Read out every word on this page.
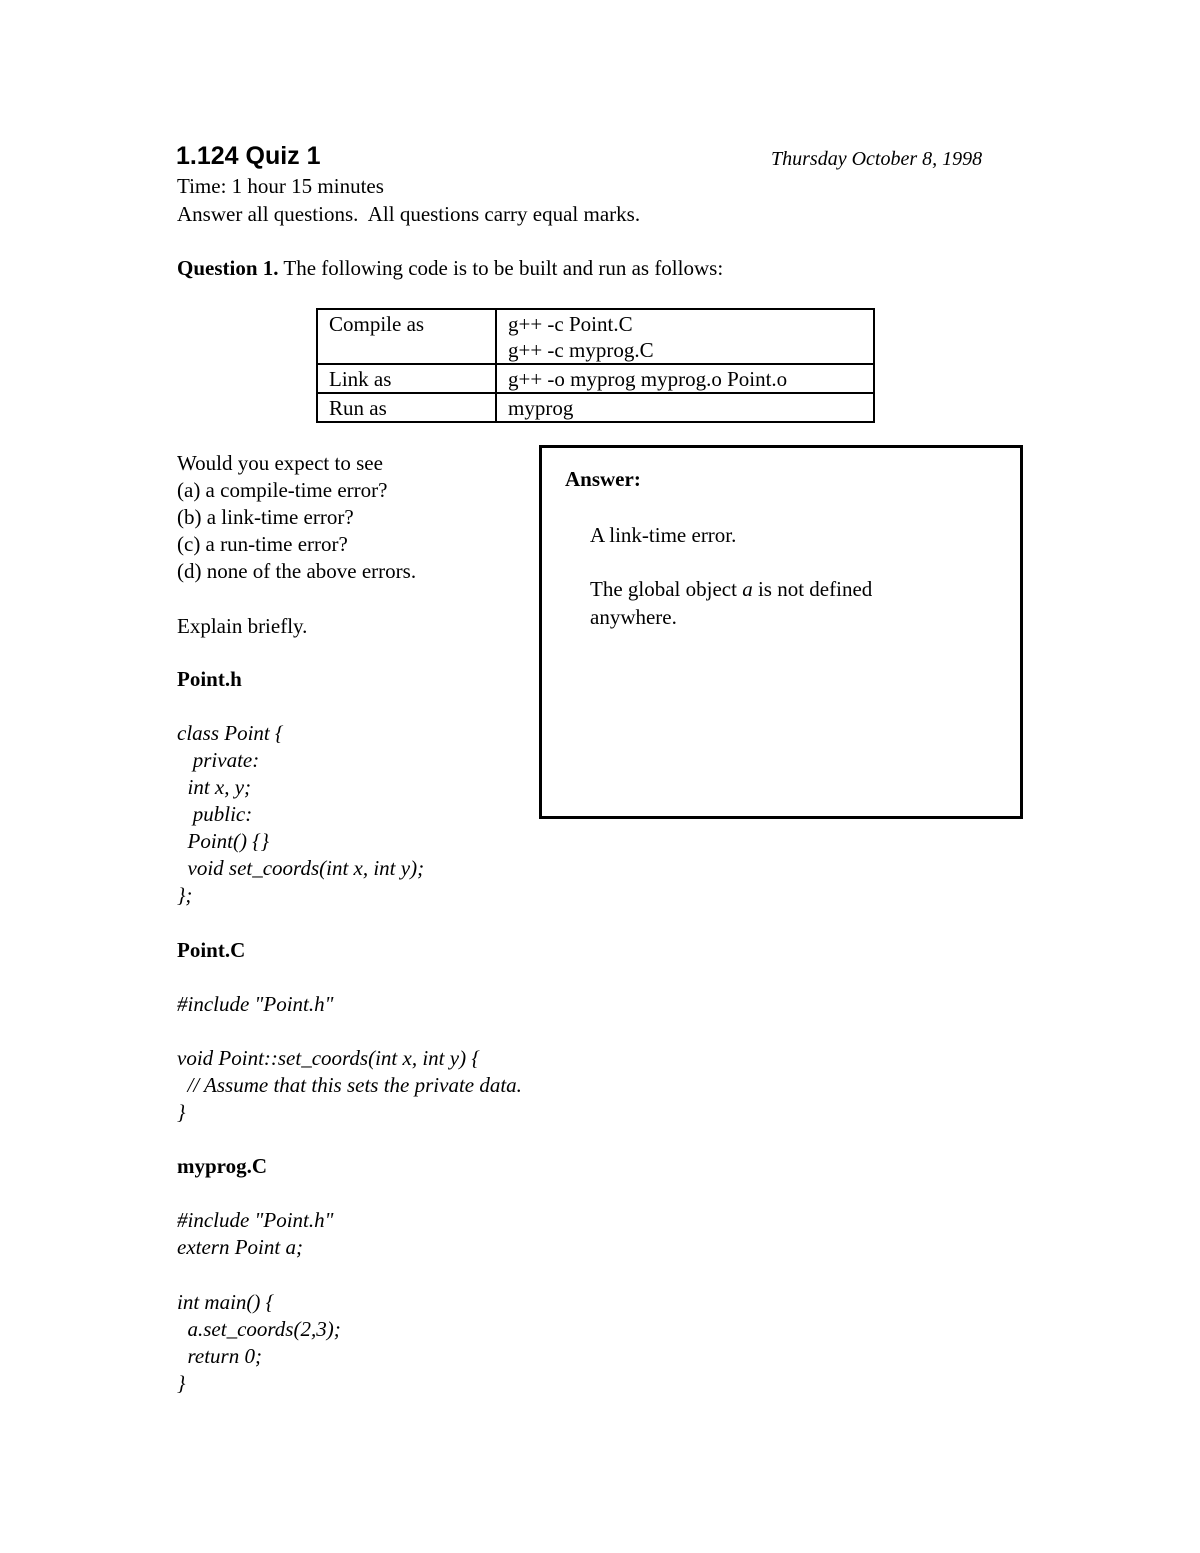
1.124 Quiz 1	Thursday October 8, 1998
Time: 1 hour 15 minutes
Answer all questions.  All questions carry equal marks.
Question 1. The following code is to be built and run as follows:
Compile as	g++ -c Point.C
g++ -c myprog.C

Link as	g++ -o myprog myprog.o Point.o

Run as	myprog
Would you expect to see
(a) a compile-time error?
(b) a link-time error?
(c) a run-time error?
(d) none of the above errors.
Explain briefly.
Answer:
A link-time error.
The global object a is not defined
anywhere.
Point.h
class Point {
private:
int x, y;
public:
Point() {}
void set_coords(int x, int y);
};
Point.C
#include "Point.h"
void Point::set_coords(int x, int y) {
// Assume that this sets the private data.
}
myprog.C
#include "Point.h"
extern Point a;
int main() {
a.set_coords(2,3);
return 0;
}
